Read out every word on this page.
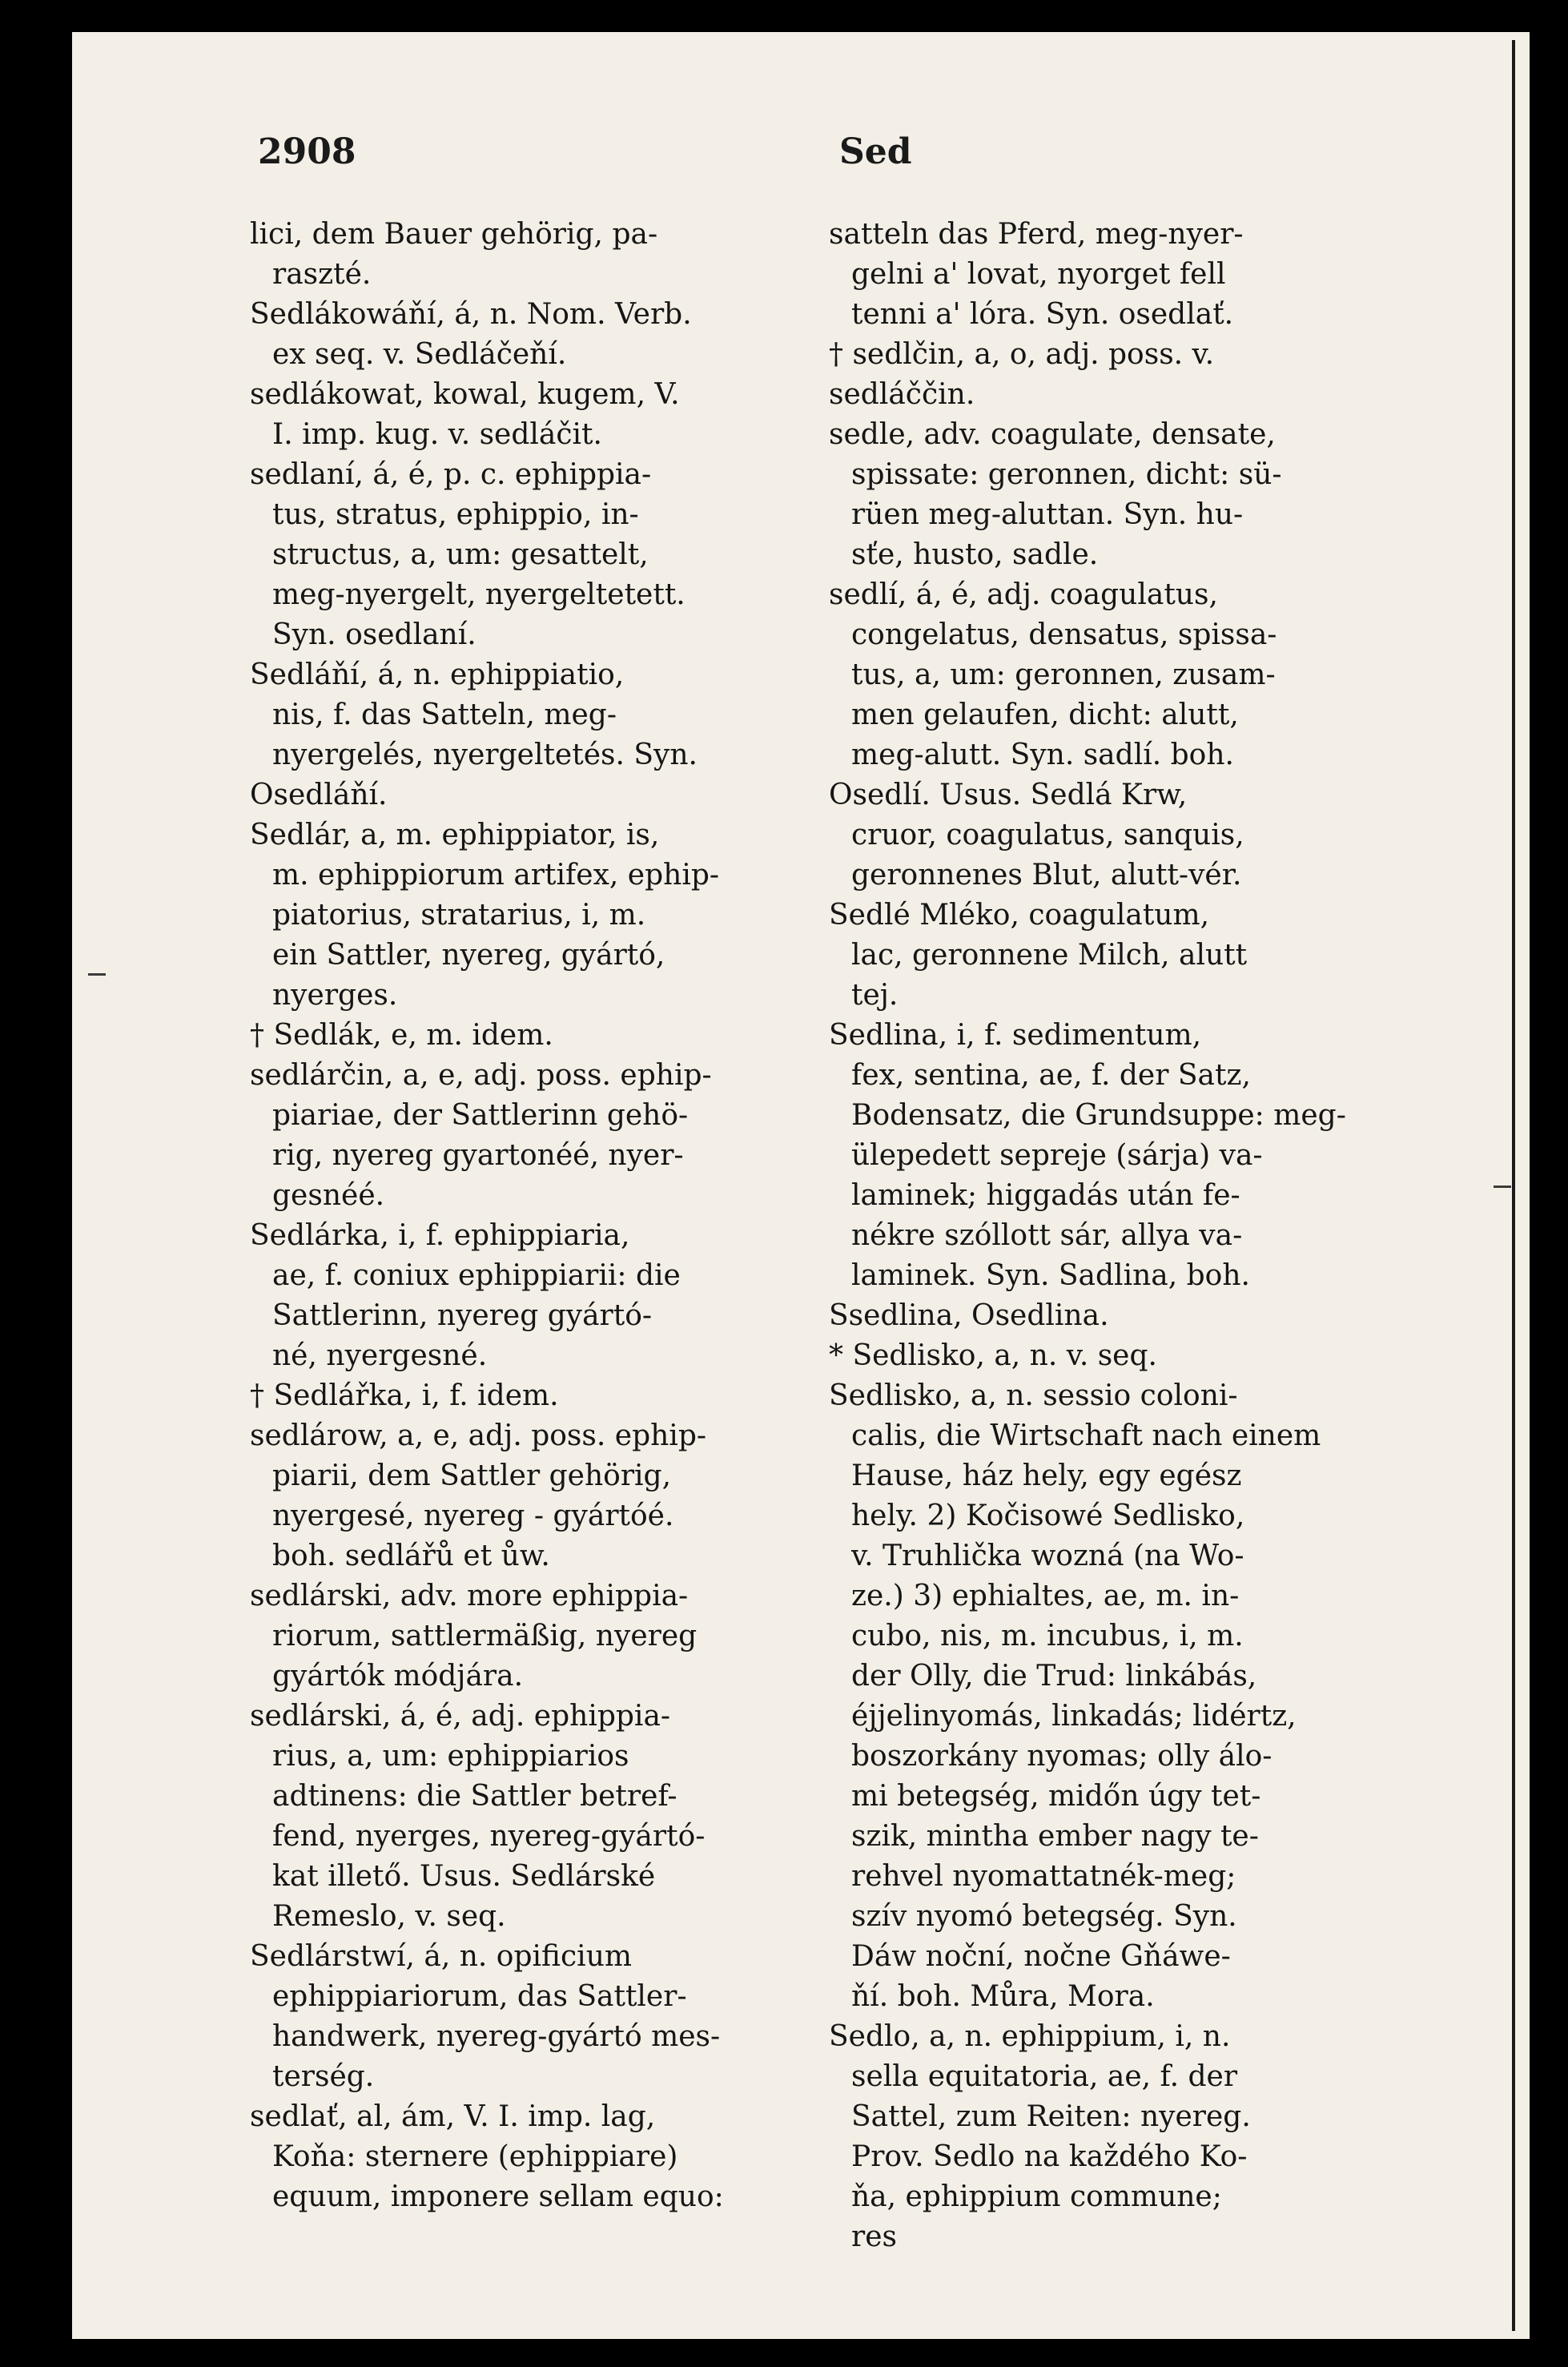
2908	Sed
lici, dem Bauer gehörig, pa-
raszté.
Sedlákowáňí, á, n. Nom. Verb.
ex seq. v. Sedláčeňí.
sedlákowat, kowal, kugem, V.
I. imp. kug. v. sedláčit.
sedlaní, á, é, p. c. ephippia-
tus, stratus, ephippio, in-
structus, a, um: gesattelt,
meg-nyergelt, nyergeltetett.
Syn. osedlaní.
Sedláňí, á, n. ephippiatio,
nis, f. das Satteln, meg-
nyergelés, nyergeltetés. Syn.
Osedláňí.
Sedlár, a, m. ephippiator, is,
m. ephippiorum artifex, ephip-
piatorius, stratarius, i, m.
ein Sattler, nyereg, gyártó,
nyerges.
† Sedlák, e, m. idem.
sedlárčin, a, e, adj. poss. ephip-
piariae, der Sattlerinn gehö-
rig, nyereg gyartonéé, nyer-
gesnéé.
Sedlárka, i, f. ephippiaria,
ae, f. coniux ephippiarii: die
Sattlerinn, nyereg gyártó-
né, nyergesné.
† Sedlářka, i, f. idem.
sedlárow, a, e, adj. poss. ephip-
piarii, dem Sattler gehörig,
nyergesé, nyereg - gyártóé.
boh. sedlářů et ůw.
sedlárski, adv. more ephippia-
riorum, sattlermäßig, nyereg
gyártók módjára.
sedlárski, á, é, adj. ephippia-
rius, a, um: ephippiarios
adtinens: die Sattler betref-
fend, nyerges, nyereg-gyártó-
kat illető. Usus. Sedlárské
Remeslo, v. seq.
Sedlárstwí, á, n. opificium
ephippiariorum, das Sattler-
handwerk, nyereg-gyártó mes-
terség.
sedlať, al, ám, V. I. imp. lag,
Koňa: sternere (ephippiare)
equum, imponere sellam equo:
satteln das Pferd, meg-nyer-
gelni a' lovat, nyorget fell
tenni a' lóra. Syn. osedlať.
† sedlčin, a, o, adj. poss. v.
sedláččin.
sedle, adv. coagulate, densate,
spissate: geronnen, dicht: sü-
rüen meg-aluttan. Syn. hu-
sťe, husto, sadle.
sedlí, á, é, adj. coagulatus,
congelatus, densatus, spissa-
tus, a, um: geronnen, zusam-
men gelaufen, dicht: alutt,
meg-alutt. Syn. sadlí. boh.
Osedlí. Usus. Sedlá Krw,
cruor, coagulatus, sanquis,
geronnenes Blut, alutt-vér.
Sedlé Mléko, coagulatum,
lac, geronnene Milch, alutt
tej.
Sedlina, i, f. sedimentum,
fex, sentina, ae, f. der Satz,
Bodensatz, die Grundsuppe: meg-
ülepedett sepreje (sárja) va-
laminek; higgadás után fe-
nékre szóllott sár, allya va-
laminek. Syn. Sadlina, boh.
Ssedlina, Osedlina.
* Sedlisko, a, n. v. seq.
Sedlisko, a, n. sessio coloni-
calis, die Wirtschaft nach einem
Hause, ház hely, egy egész
hely. 2) Kočisowé Sedlisko,
v. Truhlička wozná (na Wo-
ze.) 3) ephialtes, ae, m. in-
cubo, nis, m. incubus, i, m.
der Olly, die Trud: linkábás,
éjjelinyomás, linkadás; lidértz,
boszorkány nyomas; olly álo-
mi betegség, midőn úgy tet-
szik, mintha ember nagy te-
rehvel nyomattatnék-meg;
szív nyomó betegség. Syn.
Dáw noční, nočne Gňáwe-
ňí. boh. Můra, Mora.
Sedlo, a, n. ephippium, i, n.
sella equitatoria, ae, f. der
Sattel, zum Reiten: nyereg.
Prov. Sedlo na každého Ko-
ňa, ephippium commune;
res
